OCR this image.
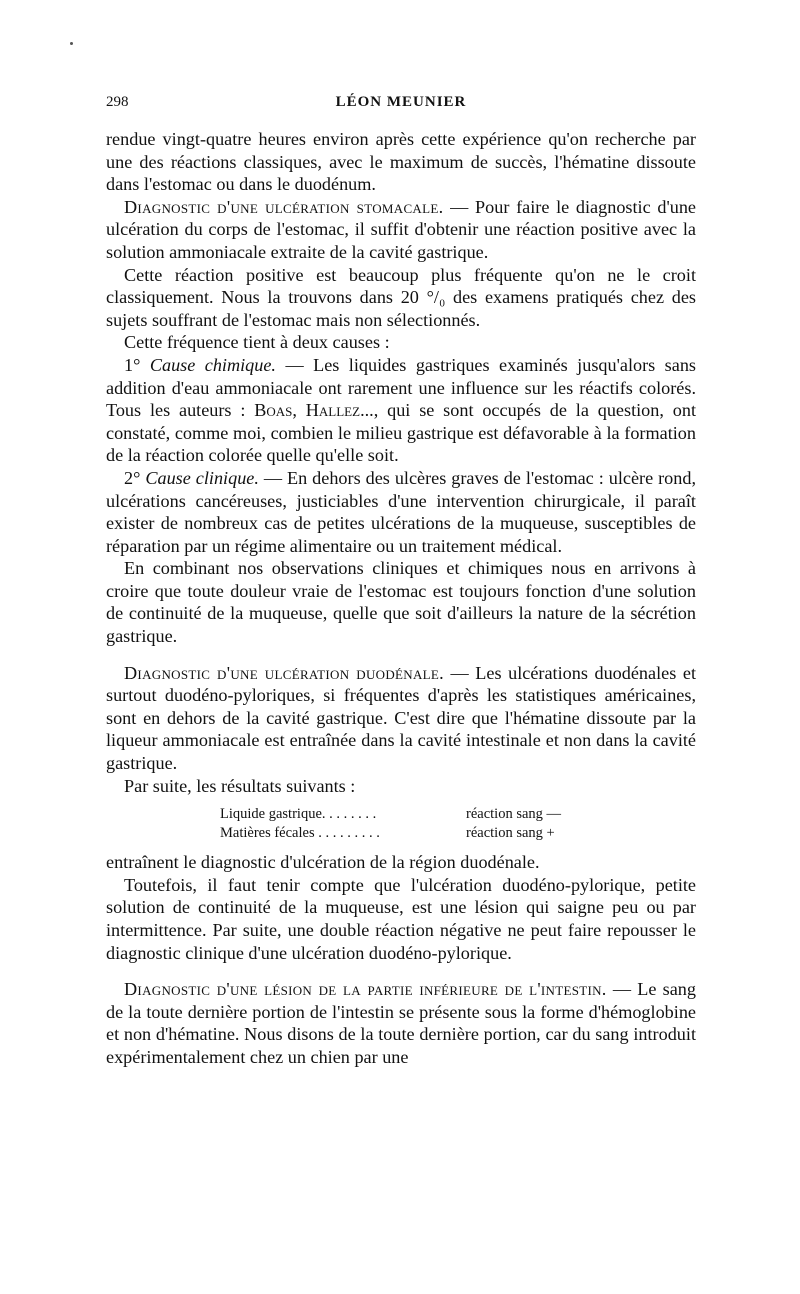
298	LÉON MEUNIER

rendue vingt-quatre heures environ après cette expérience qu'on recherche par une des réactions classiques, avec le maximum de succès, l'hématine dissoute dans l'estomac ou dans le duodénum.

Diagnostic d'une ulcération stomacale. — Pour faire le diagnostic d'une ulcération du corps de l'estomac, il suffit d'obtenir une réaction positive avec la solution ammoniacale extraite de la cavité gastrique.

Cette réaction positive est beaucoup plus fréquente qu'on ne le croit classiquement. Nous la trouvons dans 20 °/₀ des examens pratiqués chez des sujets souffrant de l'estomac mais non sélectionnés.

Cette fréquence tient à deux causes :

1° Cause chimique. — Les liquides gastriques examinés jusqu'alors sans addition d'eau ammoniacale ont rarement une influence sur les réactifs colorés. Tous les auteurs : Boas, Hallez..., qui se sont occupés de la question, ont constaté, comme moi, combien le milieu gastrique est défavorable à la formation de la réaction colorée quelle qu'elle soit.

2° Cause clinique. — En dehors des ulcères graves de l'estomac : ulcère rond, ulcérations cancéreuses, justiciables d'une intervention chirurgicale, il paraît exister de nombreux cas de petites ulcérations de la muqueuse, susceptibles de réparation par un régime alimentaire ou un traitement médical.

En combinant nos observations cliniques et chimiques nous en arrivons à croire que toute douleur vraie de l'estomac est toujours fonction d'une solution de continuité de la muqueuse, quelle que soit d'ailleurs la nature de la sécrétion gastrique.

Diagnostic d'une ulcération duodénale. — Les ulcérations duodénales et surtout duodéno-pyloriques, si fréquentes d'après les statistiques américaines, sont en dehors de la cavité gastrique. C'est dire que l'hématine dissoute par la liqueur ammoniacale est entraînée dans la cavité intestinale et non dans la cavité gastrique.

Par suite, les résultats suivants :

Liquide gastrique. . . . . . . .	réaction sang —
Matières fécales . . . . . . . . .	réaction sang +

entraînent le diagnostic d'ulcération de la région duodénale.

Toutefois, il faut tenir compte que l'ulcération duodéno-pylorique, petite solution de continuité de la muqueuse, est une lésion qui saigne peu ou par intermittence. Par suite, une double réaction négative ne peut faire repousser le diagnostic clinique d'une ulcération duodéno-pylorique.

Diagnostic d'une lésion de la partie inférieure de l'intestin. — Le sang de la toute dernière portion de l'intestin se présente sous la forme d'hémoglobine et non d'hématine. Nous disons de la toute dernière portion, car du sang introduit expérimentalement chez un chien par une
